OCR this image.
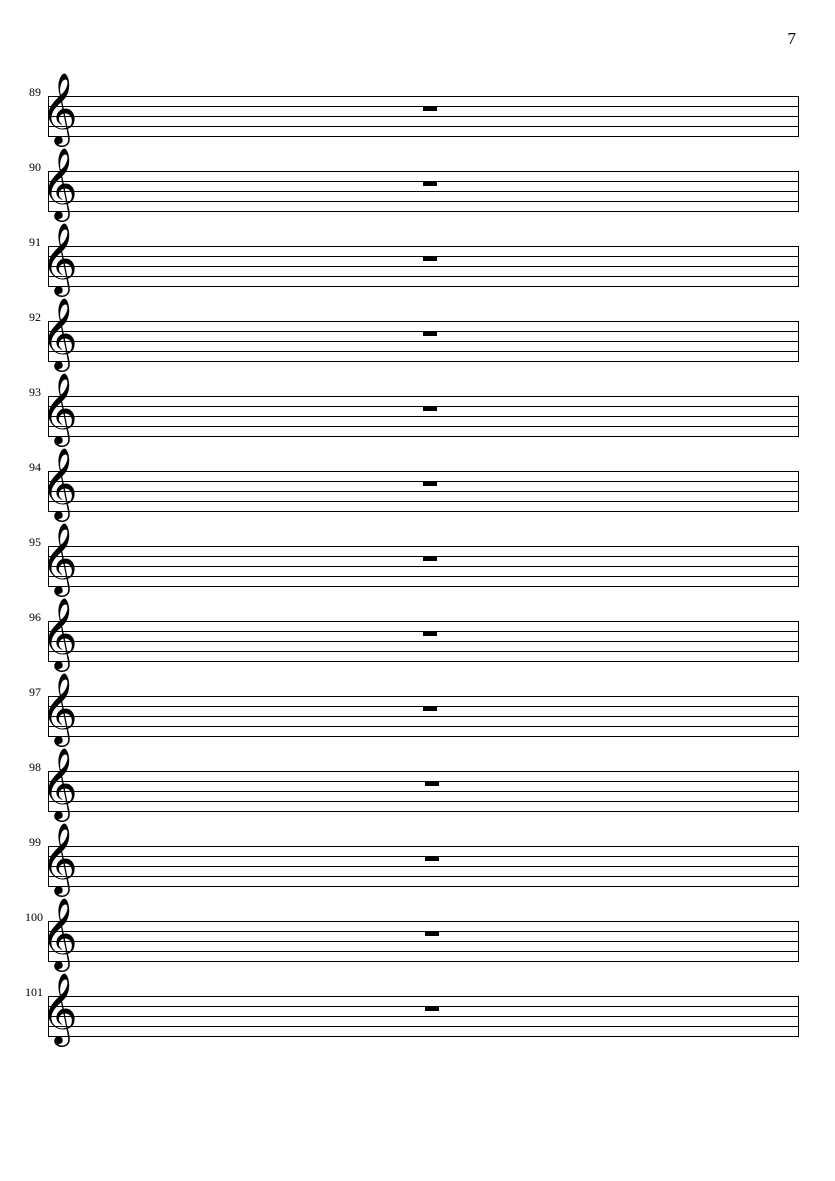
7
89 𝄞
90 𝄞
91 𝄞
92 𝄞
93 𝄞
94 𝄞
95 𝄞
96 𝄞
97 𝄞
98 𝄞
99 𝄞
100
𝄞
101
𝄞
